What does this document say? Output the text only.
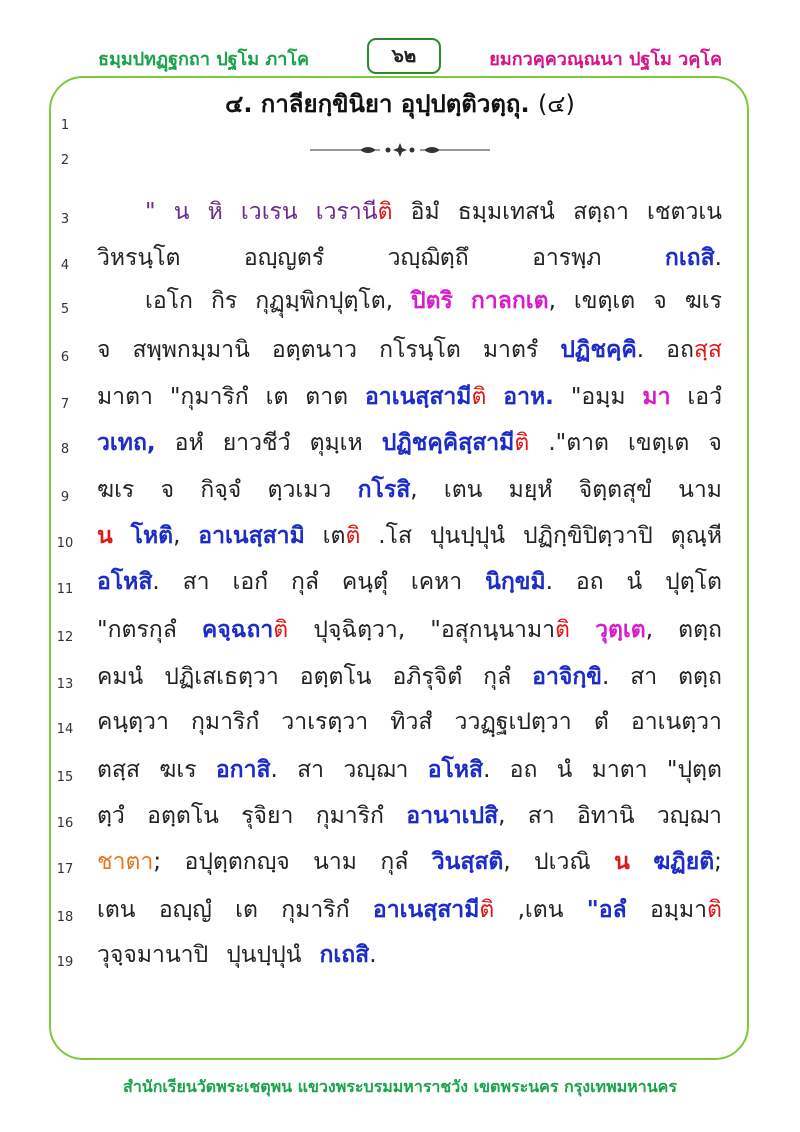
ธมฺมปทฏฺฐกถา ปฐโม ภาโค	๖๒	ยมกวคฺควณฺณนา ปฐโม วคฺโค
๔. กาลียกฺขินิยา อุปฺปตฺติวตฺถุ. (๔)
1
2
3
4
5
6
7
8
9
10
11
12
13
14
15
16
17
18
19
" น หิ เวเรน เวรานีติ อิมํ ธมฺมเทสนํ สตฺถา เชตวเน
วิหรนฺโต	อญฺญตรํ	วญฺฌิตฺถึ	อารพฺภ	กเถสิ.
เอโก กิร กุฏุมฺพิกปุตฺโต, ปิตริ กาลกเต, เขตฺเต จ ฆเร
จ สพฺพกมฺมานิ อตฺตนาว กโรนฺโต มาตรํ ปฏิชคฺคิ. อถสฺส
มาตา "กุมาริกํ เต ตาต อาเนสฺสามีติ อาห. "อมฺม มา เอวํ
วเทถ, อหํ ยาวชีวํ ตุมฺเห ปฏิชคฺคิสฺสามีติ ."ตาต เขตฺเต จ
ฆเร จ กิจฺจํ ตฺวเมว กโรสิ, เตน มยฺหํ จิตฺตสุขํ นาม
น โหติ, อาเนสฺสามิ เตติ .โส ปุนปฺปุนํ ปฏิกฺขิปิตฺวาปิ ตุณฺหี
อโหสิ. สา เอกํ กุลํ คนฺตุํ เคหา นิกฺขมิ. อถ นํ ปุตฺโต
"กตรกุลํ คจฺฉถาติ ปุจฺฉิตฺวา, "อสุกนฺนามาติ วุตฺเต, ตตฺถ
คมนํ ปฏิเสเธตฺวา อตฺตโน อภิรุจิตํ กุลํ อาจิกฺขิ. สา ตตฺถ
คนฺตฺวา กุมาริกํ วาเรตฺวา ทิวสํ ววฏฺฐเปตฺวา ตํ อาเนตฺวา
ตสฺส ฆเร อกาสิ. สา วญฺฌา อโหสิ. อถ นํ มาตา "ปุตฺต
ตฺวํ อตฺตโน รุจิยา กุมาริกํ อานาเปสิ, สา อิทานิ วญฺฌา
ชาตา; อปุตฺตกญฺจ นาม กุลํ วินสฺสติ, ปเวณิ น ฆฏิยติ;
เตน อญฺญํ เต กุมาริกํ อาเนสฺสามีติ ,เตน "อลํ อมฺมาติ
วุจฺจมานาปิ ปุนปฺปุนํ กเถสิ.
สำนักเรียนวัดพระเชตุพน แขวงพระบรมมหาราชวัง เขตพระนคร กรุงเทพมหานคร
